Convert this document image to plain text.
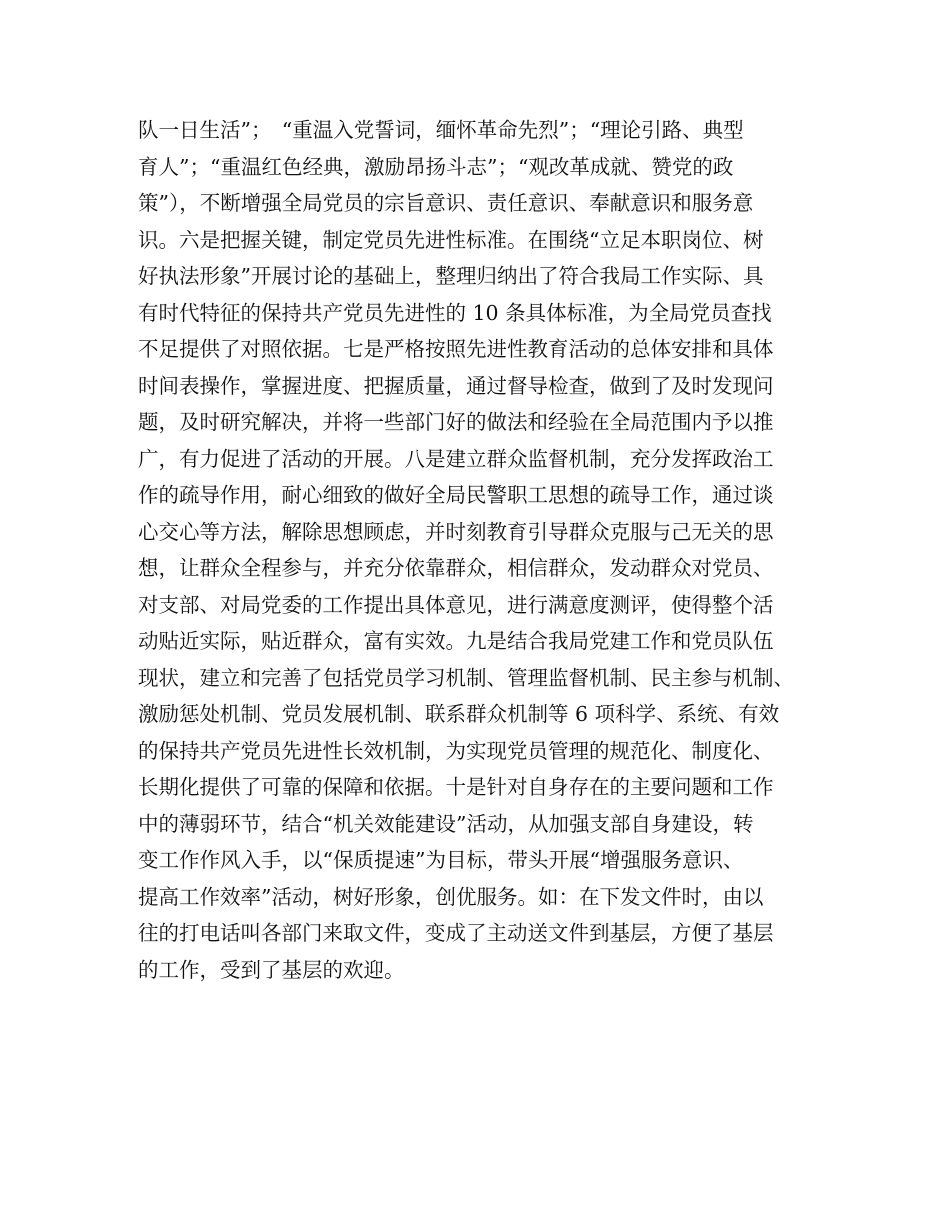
队一日生活”；　“重温入党誓词，缅怀革命先烈”；“理论引路、典型
育人”；“重温红色经典，激励昂扬斗志”；“观改革成就、赞党的政
策”），不断增强全局党员的宗旨意识、责任意识、奉献意识和服务意
识。六是把握关键，制定党员先进性标准。在围绕“立足本职岗位、树
好执法形象”开展讨论的基础上，整理归纳出了符合我局工作实际、具
有时代特征的保持共产党员先进性的 10 条具体标准，为全局党员查找
不足提供了对照依据。七是严格按照先进性教育活动的总体安排和具体
时间表操作，掌握进度、把握质量，通过督导检查，做到了及时发现问
题，及时研究解决，并将一些部门好的做法和经验在全局范围内予以推
广，有力促进了活动的开展。八是建立群众监督机制，充分发挥政治工
作的疏导作用，耐心细致的做好全局民警职工思想的疏导工作，通过谈
心交心等方法，解除思想顾虑，并时刻教育引导群众克服与己无关的思
想，让群众全程参与，并充分依靠群众，相信群众，发动群众对党员、
对支部、对局党委的工作提出具体意见，进行满意度测评，使得整个活
动贴近实际，贴近群众，富有实效。九是结合我局党建工作和党员队伍
现状，建立和完善了包括党员学习机制、管理监督机制、民主参与机制、
激励惩处机制、党员发展机制、联系群众机制等 6 项科学、系统、有效
的保持共产党员先进性长效机制，为实现党员管理的规范化、制度化、
长期化提供了可靠的保障和依据。十是针对自身存在的主要问题和工作
中的薄弱环节，结合“机关效能建设”活动，从加强支部自身建设，转
变工作作风入手，以“保质提速”为目标，带头开展“增强服务意识、
提高工作效率”活动，树好形象，创优服务。如：在下发文件时，由以
往的打电话叫各部门来取文件，变成了主动送文件到基层，方便了基层
的工作，受到了基层的欢迎。
